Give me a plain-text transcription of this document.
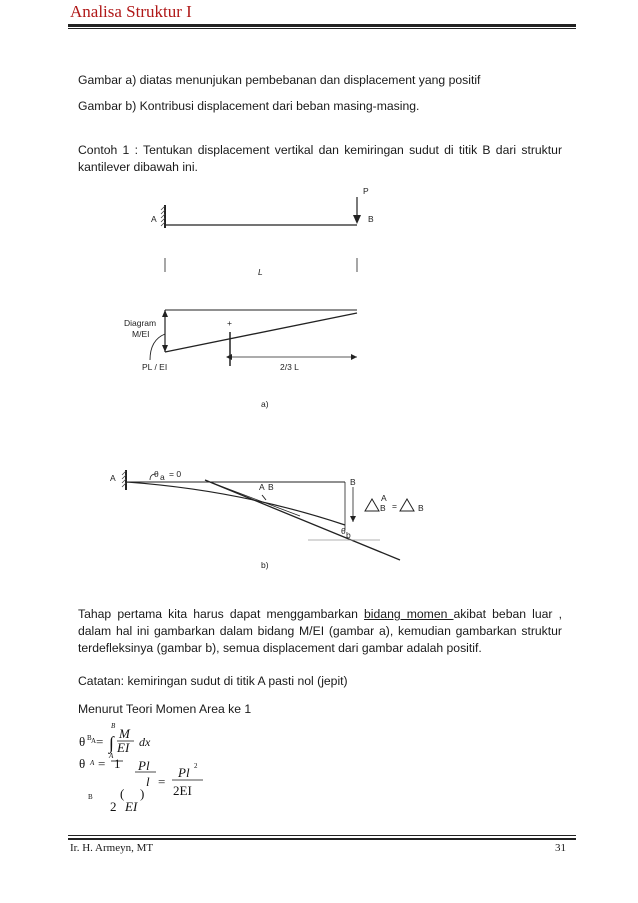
Analisa Struktur I
Gambar a) diatas menunjukan pembebanan dan displacement yang positif
Gambar b) Kontribusi displacement dari beban masing-masing.
Contoh 1 : Tentukan displacement vertikal dan kemiringan sudut di titik B dari struktur kantilever dibawah ini.
P
A	B
L
+
Diagram
M/EI
PL / EI	2/3 L
a)
A	θ a = 0
A B	B
A
B = B
θ b
b)
Tahap pertama kita harus dapat menggambarkan bidang momen akibat beban luar , dalam hal ini gambarkan dalam bidang M/EI (gambar a), kemudian gambarkan struktur terdefleksinya (gambar b), semua displacement dari gambar adalah positif.
Catatan: kemiringan sudut di titik A pasti nol (jepit)
Menurut Teori Momen Area ke 1
θ B A = ∫
B
A
M
EI dx
θ A = 1 Pl Pl 2
l =
B ( ) 2EI
2 EI
Ir. H. Armeyn, MT	31
